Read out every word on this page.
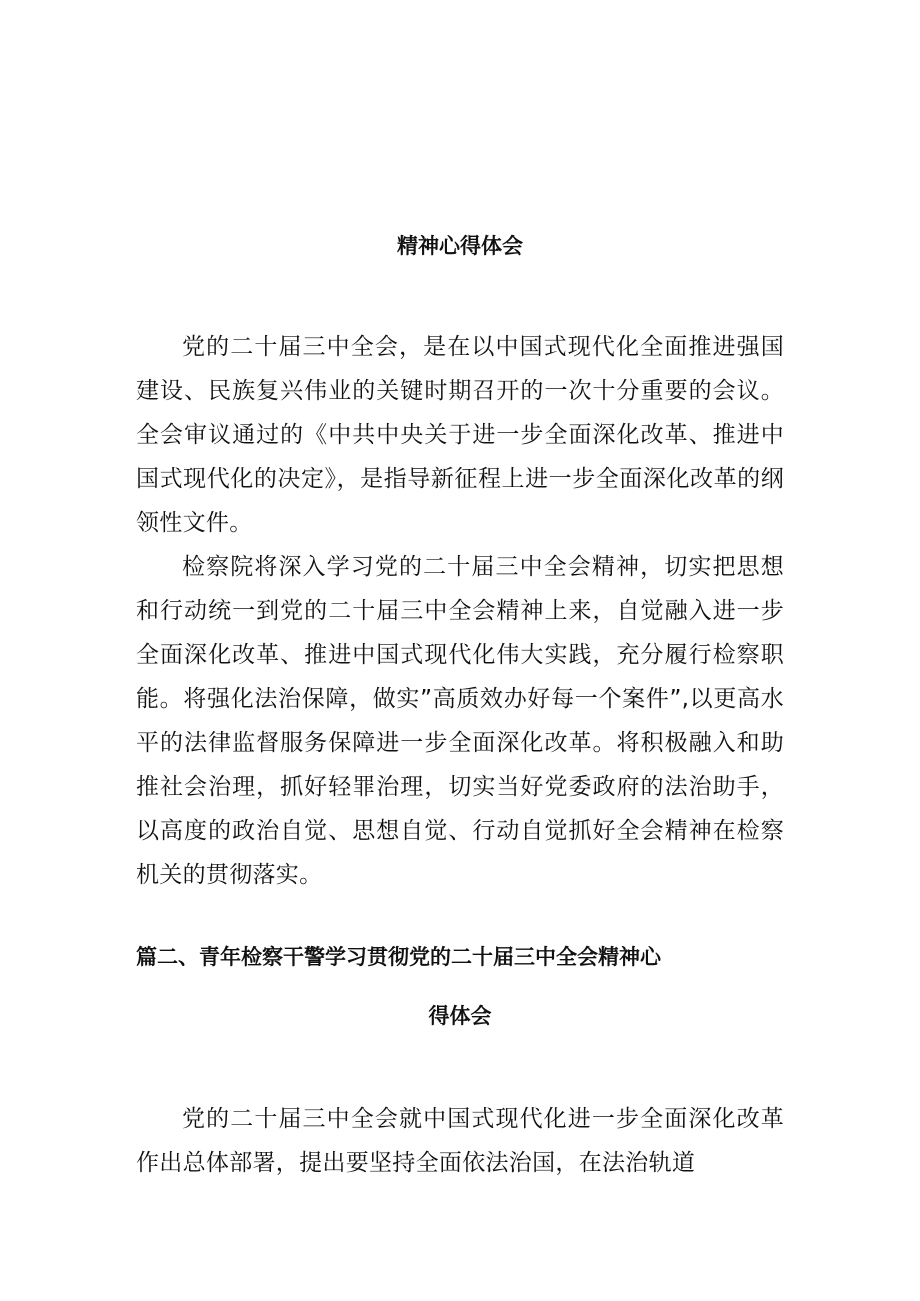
精神心得体会

党的二十届三中全会，是在以中国式现代化全面推进强国建设、民族复兴伟业的关键时期召开的一次十分重要的会议。全会审议通过的《中共中央关于进一步全面深化改革、推进中国式现代化的决定》，是指导新征程上进一步全面深化改革的纲领性文件。

检察院将深入学习党的二十届三中全会精神，切实把思想和行动统一到党的二十届三中全会精神上来，自觉融入进一步全面深化改革、推进中国式现代化伟大实践，充分履行检察职能。将强化法治保障，做实”高质效办好每一个案件”,以更高水平的法律监督服务保障进一步全面深化改革。将积极融入和助推社会治理，抓好轻罪治理，切实当好党委政府的法治助手，以高度的政治自觉、思想自觉、行动自觉抓好全会精神在检察机关的贯彻落实。

篇二、青年检察干警学习贯彻党的二十届三中全会精神心
得体会

党的二十届三中全会就中国式现代化进一步全面深化改革作出总体部署，提出要坚持全面依法治国，在法治轨道
